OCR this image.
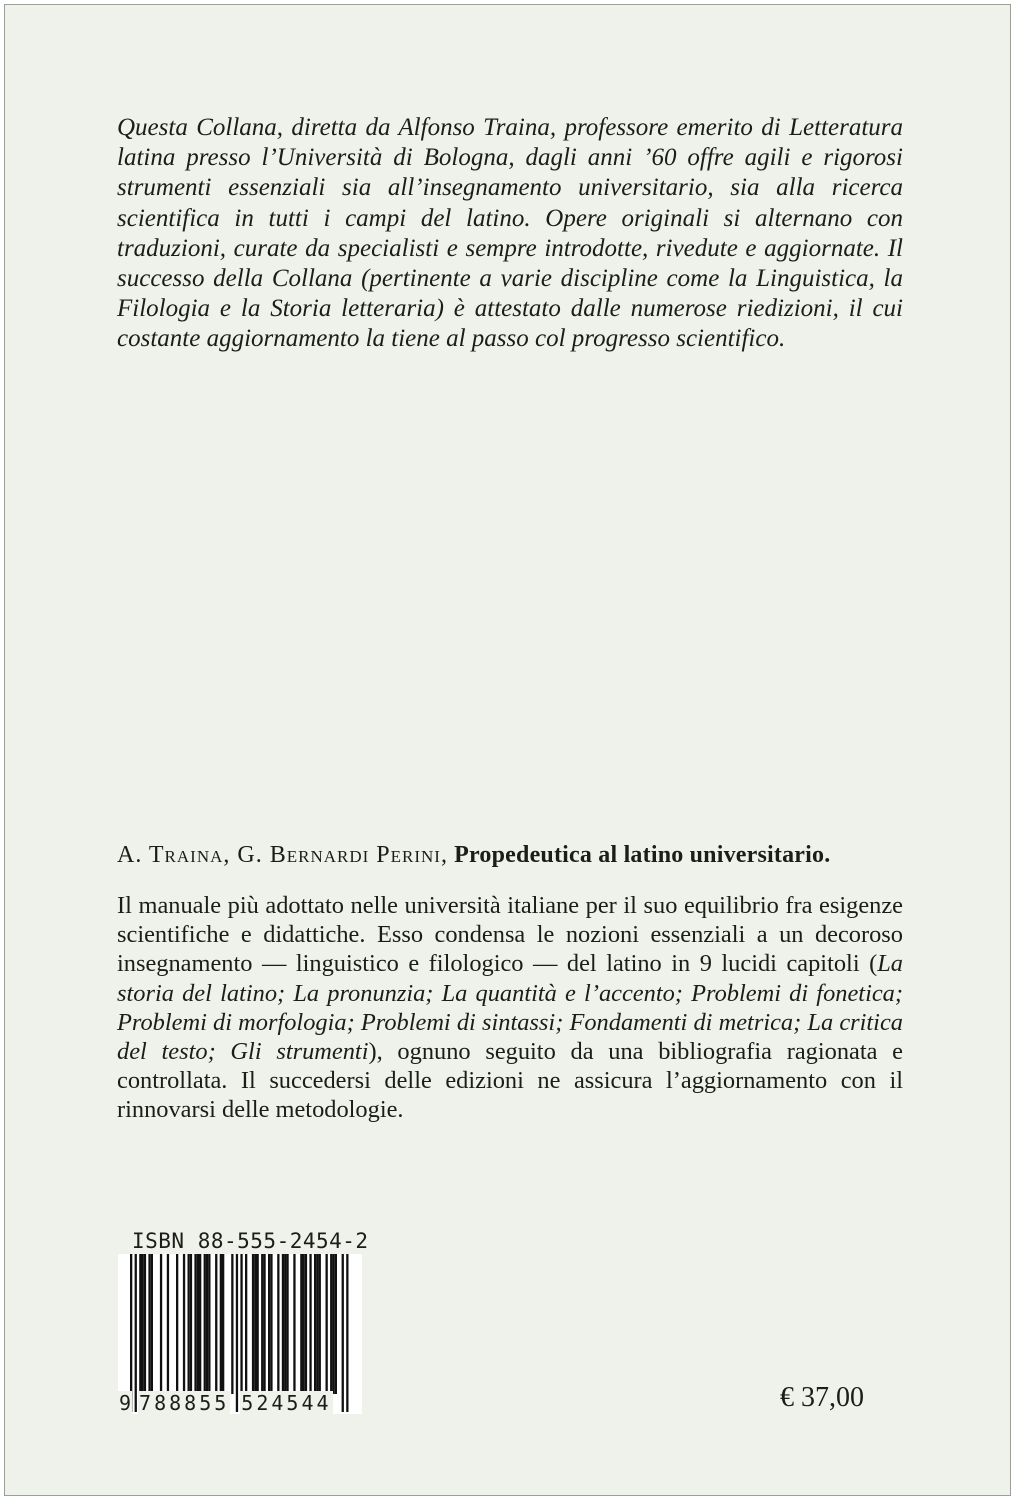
Questa Collana, diretta da Alfonso Traina, professore emerito di Letteratura latina presso l’Università di Bologna, dagli anni ’60 offre agili e rigorosi strumenti essenziali sia all’insegnamento universitario, sia alla ricerca scientifica in tutti i campi del latino. Opere originali si alternano con traduzioni, curate da specialisti e sempre introdotte, rivedute e aggiornate. Il successo della Collana (pertinente a varie discipline come la Linguistica, la Filologia e la Storia letteraria) è attestato dalle numerose riedizioni, il cui costante aggiornamento la tiene al passo col progresso scientifico.

A. Traina, G. Bernardi Perini, Propedeutica al latino universitario.

Il manuale più adottato nelle università italiane per il suo equilibrio fra esigenze scientifiche e didattiche. Esso condensa le nozioni essenziali a un decoroso insegnamento — linguistico e filologico — del latino in 9 lucidi capitoli (La storia del latino; La pronunzia; La quantità e l’accento; Problemi di fonetica; Problemi di morfologia; Problemi di sintassi; Fondamenti di metrica; La critica del testo; Gli strumenti), ognuno seguito da una bibliografia ragionata e controllata. Il succedersi delle edizioni ne assicura l’aggiornamento con il rinnovarsi delle metodologie.

ISBN 88-555-2454-2
9 788855 524544	€ 37,00
